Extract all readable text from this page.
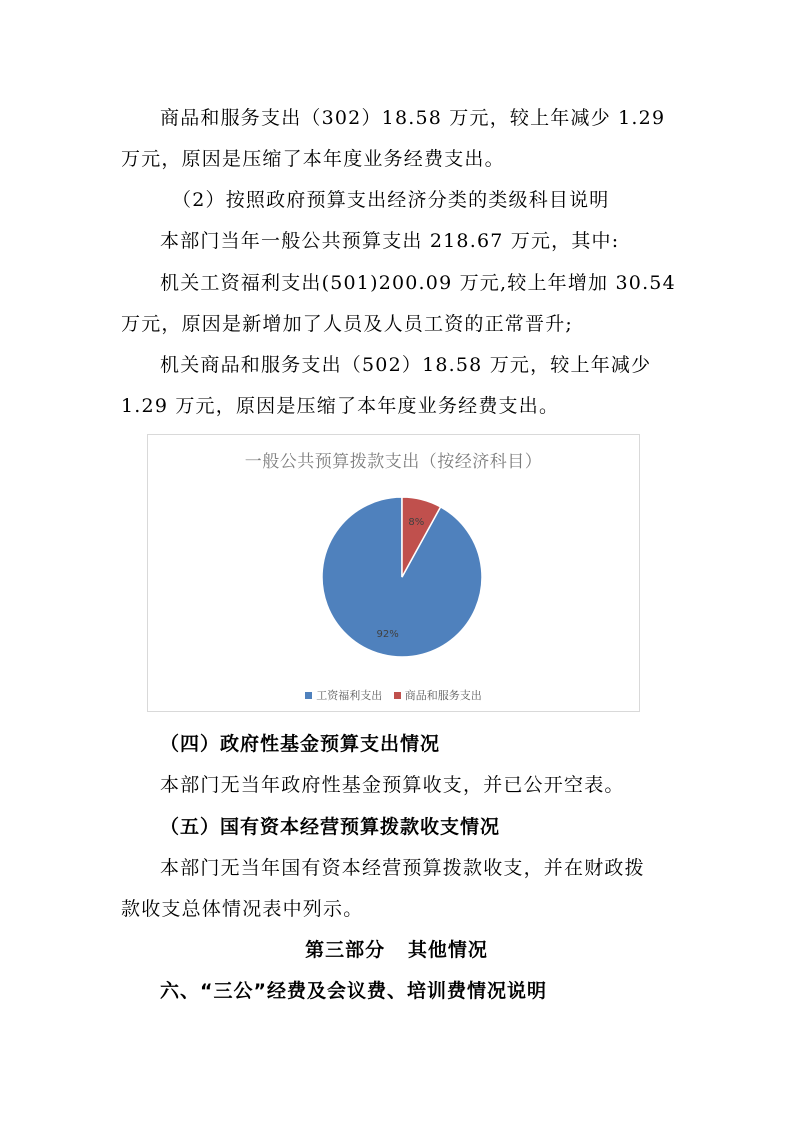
商品和服务支出（302）18.58 万元，较上年减少 1.29
万元，原因是压缩了本年度业务经费支出。
（2）按照政府预算支出经济分类的类级科目说明
本部门当年一般公共预算支出 218.67 万元，其中:
机关工资福利支出(501)200.09 万元,较上年增加 30.54
万元，原因是新增加了人员及人员工资的正常晋升;
机关商品和服务支出（502）18.58 万元，较上年减少
1.29 万元，原因是压缩了本年度业务经费支出。
一般公共预算拨款支出（按经济科目）
92%
8%
工资福利支出 商品和服务支出
（四）政府性基金预算支出情况
本部门无当年政府性基金预算收支，并已公开空表。
（五）国有资本经营预算拨款收支情况
本部门无当年国有资本经营预算拨款收支，并在财政拨
款收支总体情况表中列示。
第三部分   其他情况
六、“三公”经费及会议费、培训费情况说明
